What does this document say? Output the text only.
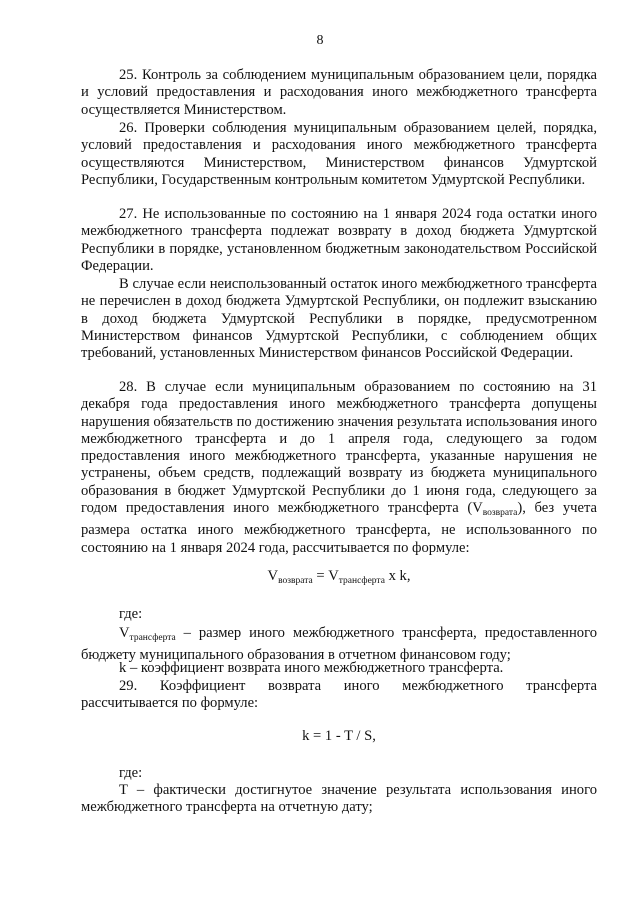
8

25. Контроль за соблюдением муниципальным образованием цели, порядка и условий предоставления и расходования иного межбюджетного трансферта осуществляется Министерством.

26. Проверки соблюдения муниципальным образованием целей, порядка, условий предоставления и расходования иного межбюджетного трансферта осуществляются Министерством, Министерством финансов Удмуртской Республики, Государственным контрольным комитетом Удмуртской Республики.

27. Не использованные по состоянию на 1 января 2024 года остатки иного межбюджетного трансферта подлежат возврату в доход бюджета Удмуртской Республики в порядке, установленном бюджетным законодательством Российской Федерации.

В случае если неиспользованный остаток иного межбюджетного трансферта не перечислен в доход бюджета Удмуртской Республики, он подлежит взысканию в доход бюджета Удмуртской Республики в порядке, предусмотренном Министерством финансов Удмуртской Республики, с соблюдением общих требований, установленных Министерством финансов Российской Федерации.

28. В случае если муниципальным образованием по состоянию на 31 декабря года предоставления иного межбюджетного трансферта допущены нарушения обязательств по достижению значения результата использования иного межбюджетного трансферта и до 1 апреля года, следующего за годом предоставления иного межбюджетного трансферта, указанные нарушения не устранены, объем средств, подлежащий возврату из бюджета муниципального образования в бюджет Удмуртской Республики до 1 июня года, следующего за годом предоставления иного межбюджетного трансферта $(V_{возврата})$, без учета размера остатка иного межбюджетного трансферта, не использованного по состоянию на 1 января 2024 года, рассчитывается по формуле:

$V_{возврата} = V_{трансферта}$ x k,

где:

$V_{трансферта}$ – размер иного межбюджетного трансферта, предоставленного бюджету муниципального образования в отчетном финансовом году;

k – коэффициент возврата иного межбюджетного трансферта.

29. Коэффициент возврата иного межбюджетного трансферта рассчитывается по формуле:

k = 1 - T / S,

где:

T – фактически достигнутое значение результата использования иного межбюджетного трансферта на отчетную дату;
